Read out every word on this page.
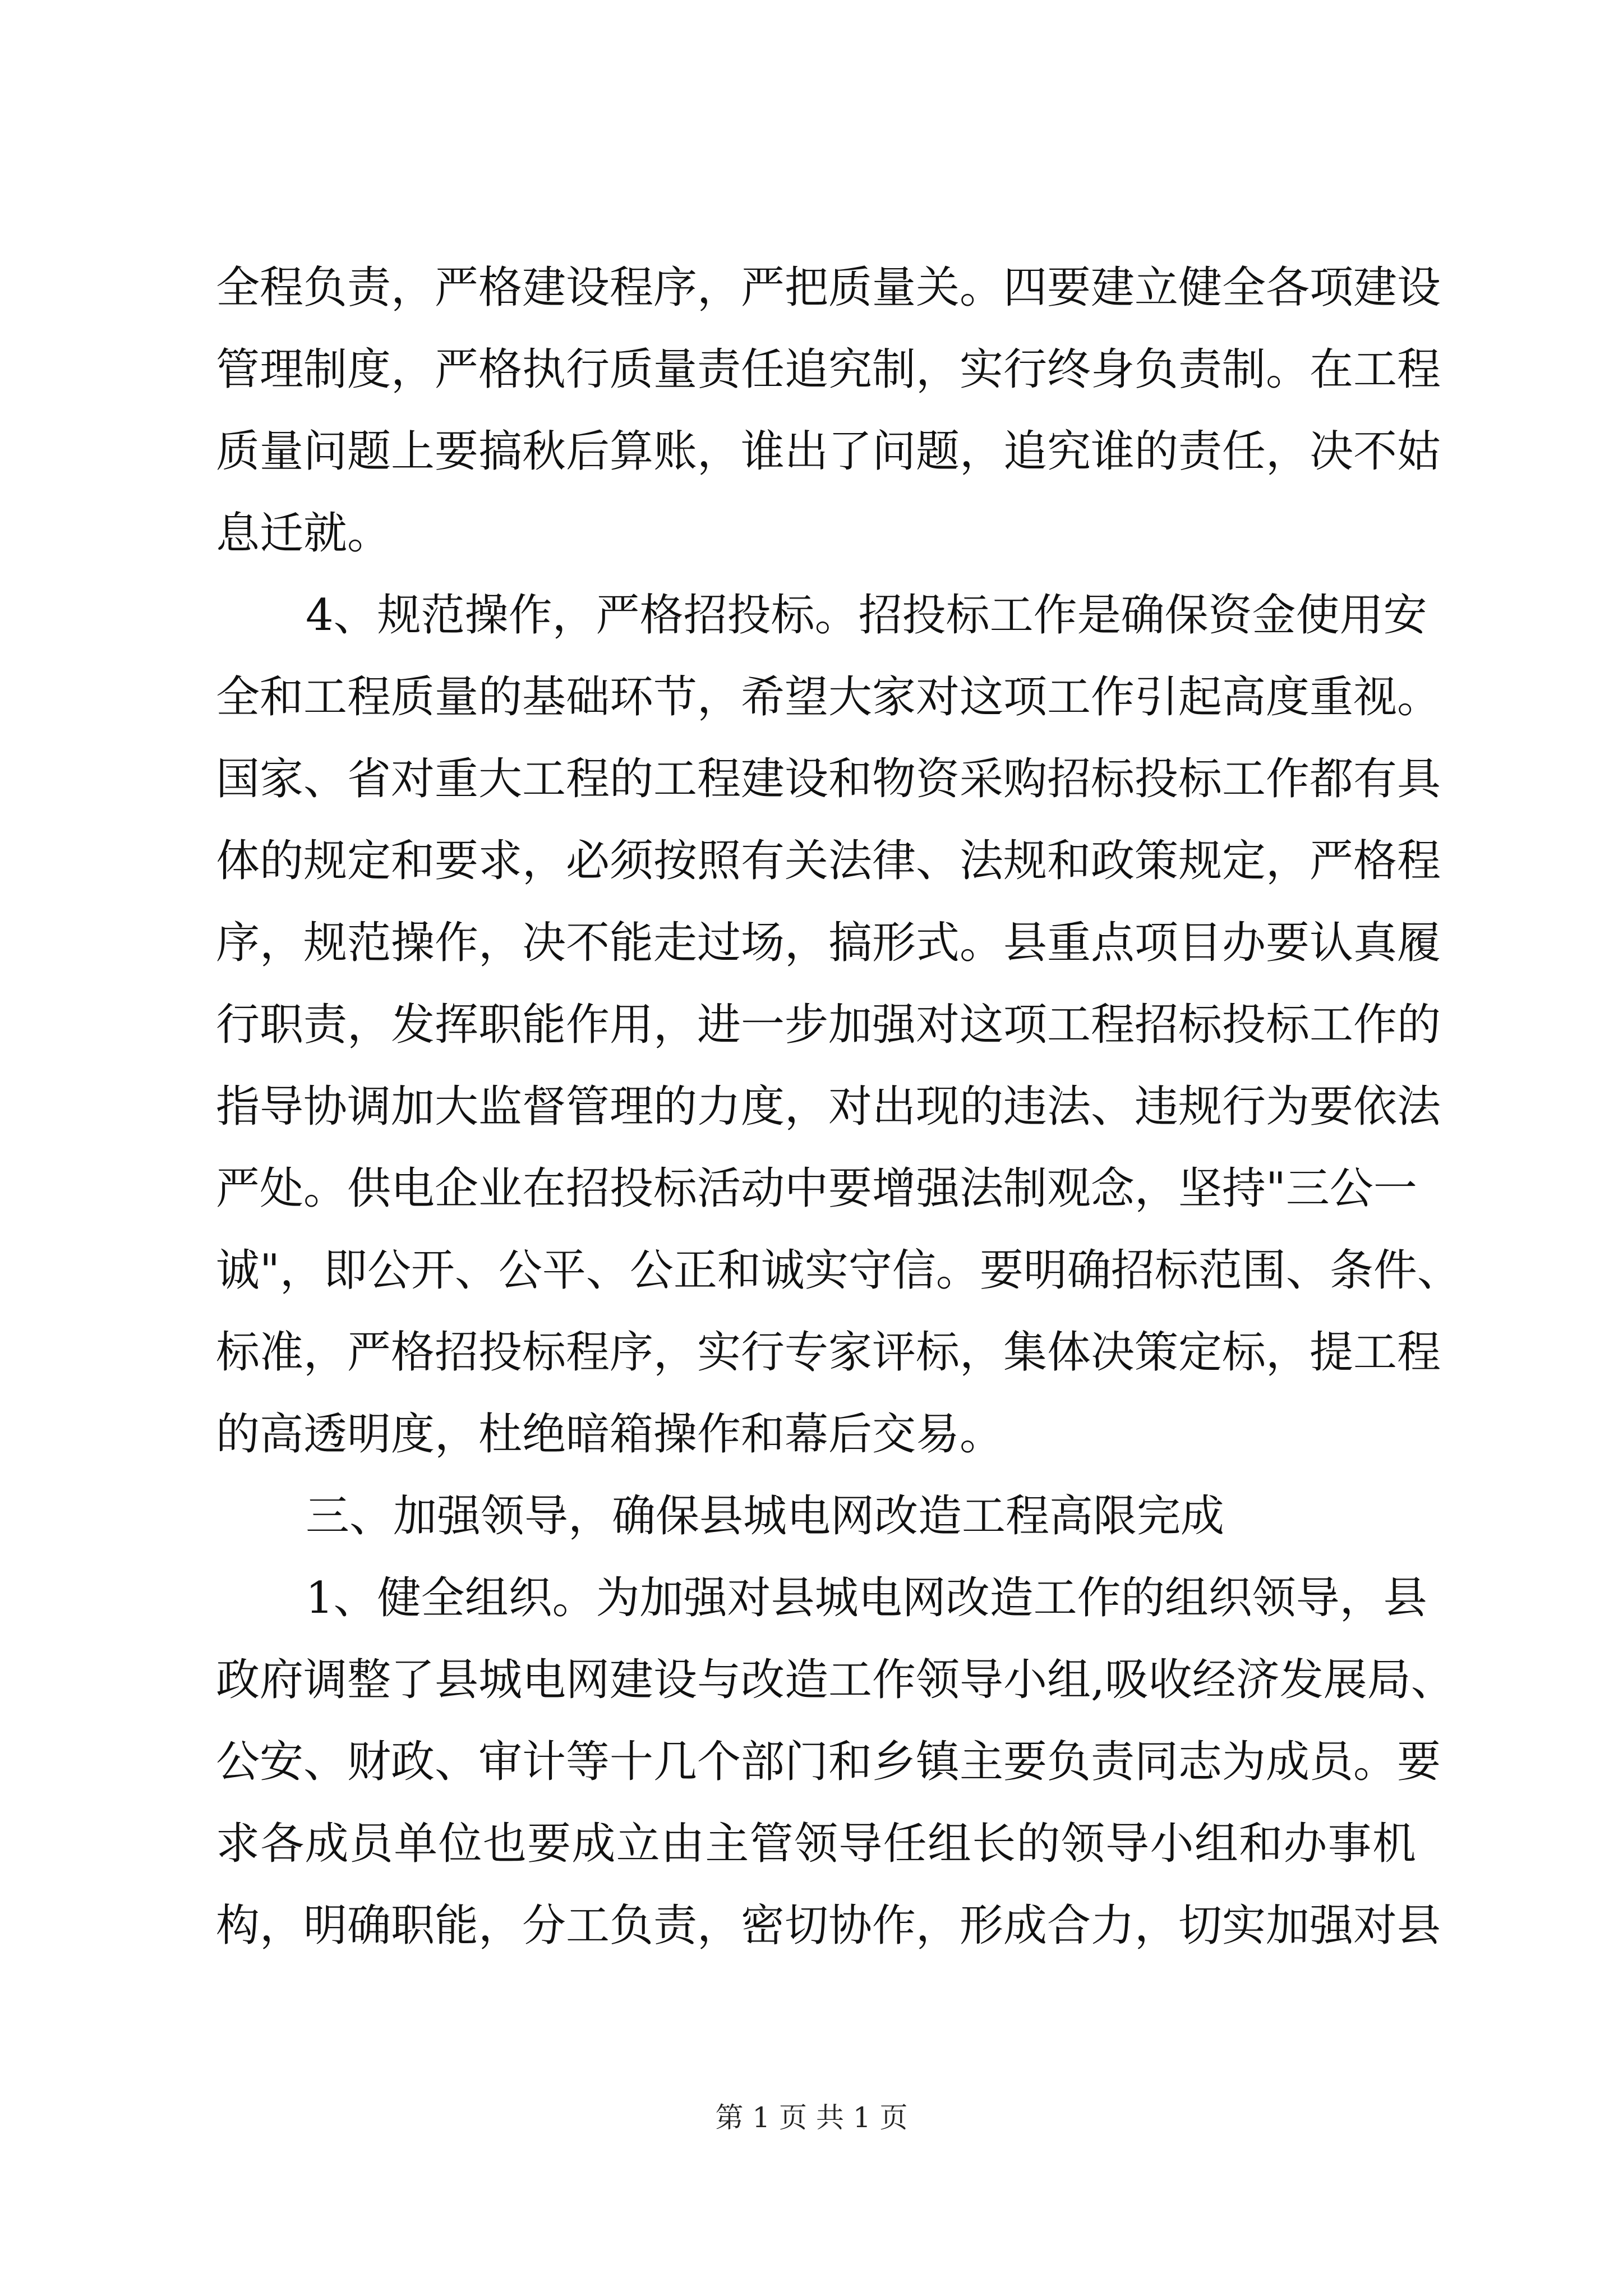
全程负责，严格建设程序，严把质量关。四要建立健全各项建设
管理制度，严格执行质量责任追究制，实行终身负责制。在工程
质量问题上要搞秋后算账，谁出了问题，追究谁的责任，决不姑
息迁就。
4、规范操作，严格招投标。招投标工作是确保资金使用安
全和工程质量的基础环节，希望大家对这项工作引起高度重视。
国家、省对重大工程的工程建设和物资采购招标投标工作都有具
体的规定和要求，必须按照有关法律、法规和政策规定，严格程
序，规范操作，决不能走过场，搞形式。县重点项目办要认真履
行职责，发挥职能作用，进一步加强对这项工程招标投标工作的
指导协调加大监督管理的力度，对出现的违法、违规行为要依法
严处。供电企业在招投标活动中要增强法制观念，坚持"三公一
诚"，即公开、公平、公正和诚实守信。要明确招标范围、条件、
标准，严格招投标程序，实行专家评标，集体决策定标，提工程
的高透明度，杜绝暗箱操作和幕后交易。
三、加强领导，确保县城电网改造工程高限完成
1、健全组织。为加强对县城电网改造工作的组织领导，县
政府调整了县城电网建设与改造工作领导小组,吸收经济发展局、
公安、财政、审计等十几个部门和乡镇主要负责同志为成员。要
求各成员单位也要成立由主管领导任组长的领导小组和办事机
构，明确职能，分工负责，密切协作，形成合力，切实加强对县
第 1 页 共 1 页
